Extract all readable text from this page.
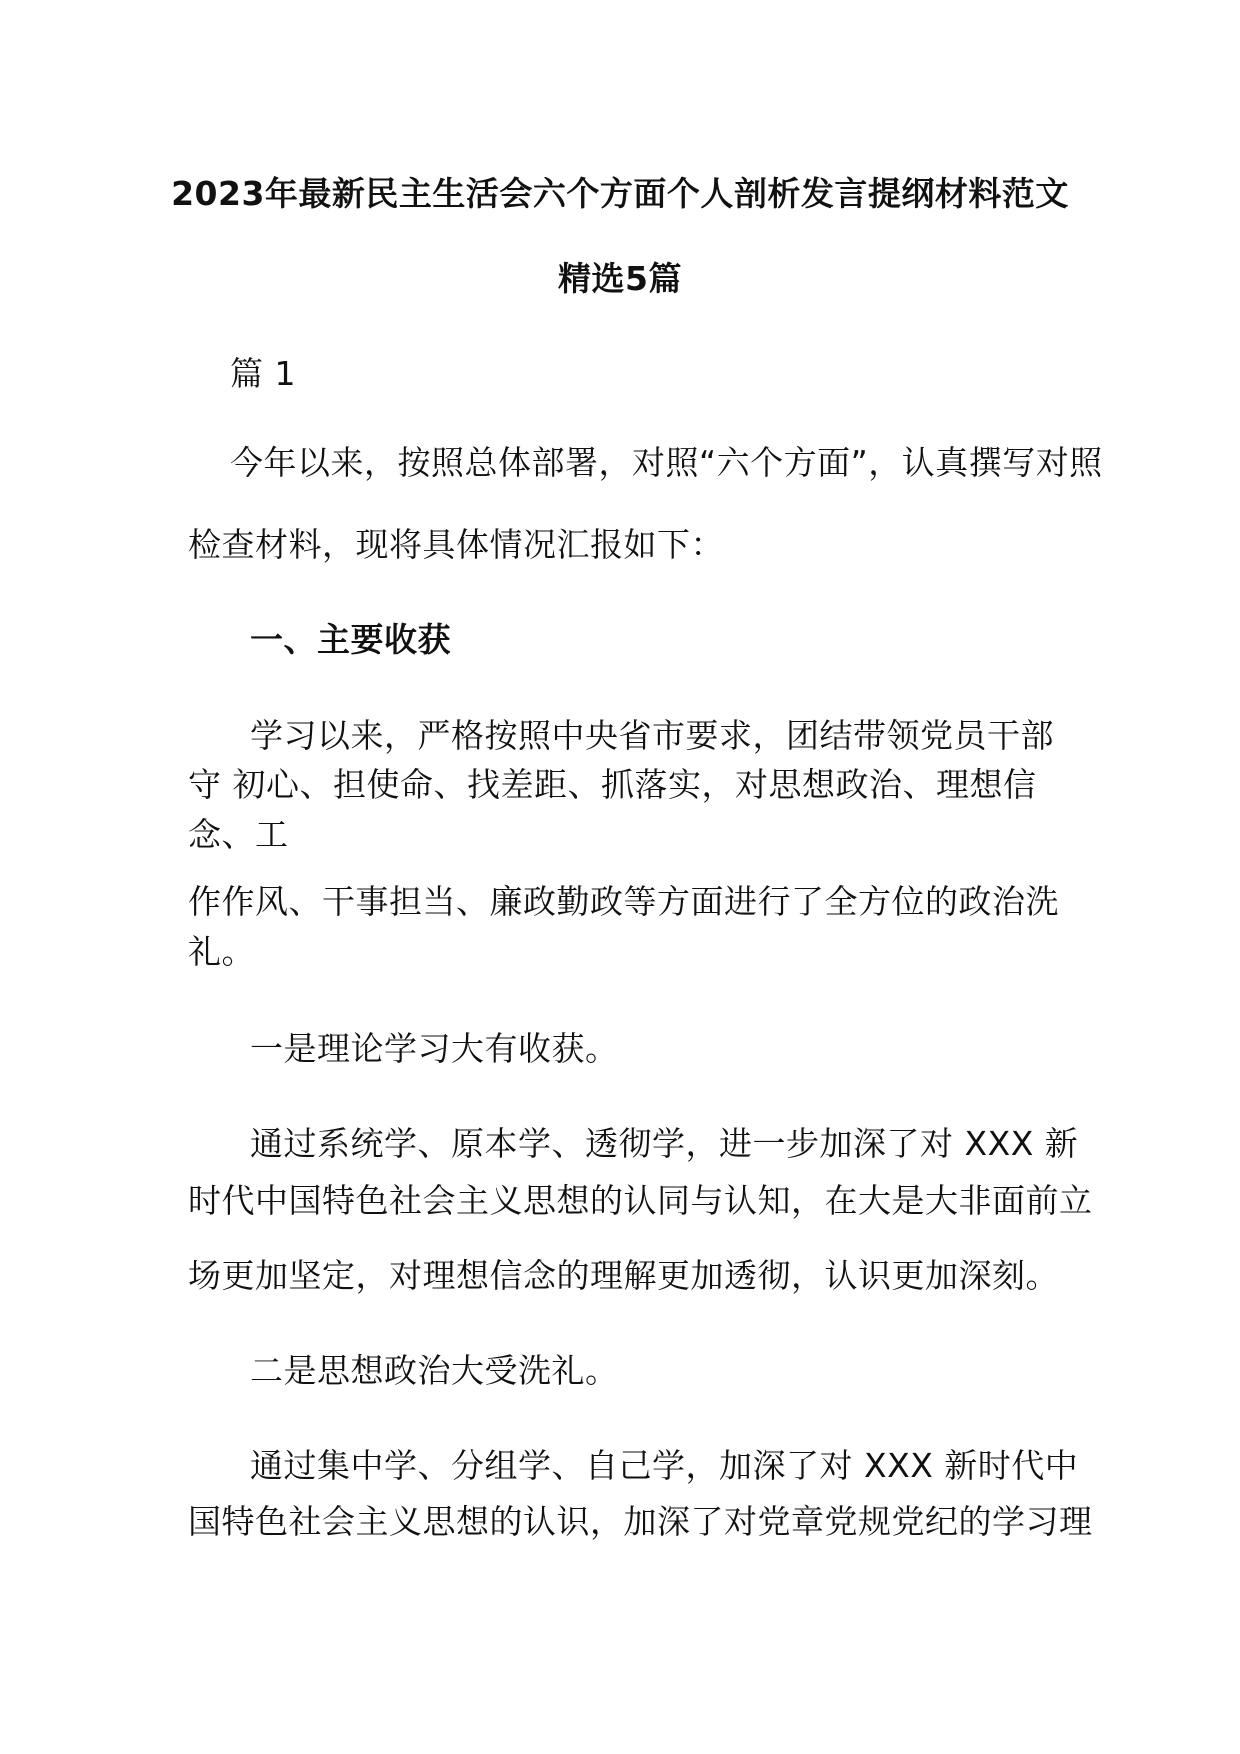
2023年最新民主生活会六个方面个人剖析发言提纲材料范文
精选5篇
篇 1
今年以来，按照总体部署，对照“六个方面”，认真撰写对照
检查材料，现将具体情况汇报如下：
一、主要收获
学习以来，严格按照中央省市要求，团结带领党员干部
守 初心、担使命、找差距、抓落实，对思想政治、理想信
念、工
作作风、干事担当、廉政勤政等方面进行了全方位的政治洗
礼。
一是理论学习大有收获。
通过系统学、原本学、透彻学，进一步加深了对 XXX 新
时代中国特色社会主义思想的认同与认知，在大是大非面前立
场更加坚定，对理想信念的理解更加透彻，认识更加深刻。
二是思想政治大受洗礼。
通过集中学、分组学、自己学，加深了对 XXX 新时代中
国特色社会主义思想的认识，加深了对党章党规党纪的学习理
